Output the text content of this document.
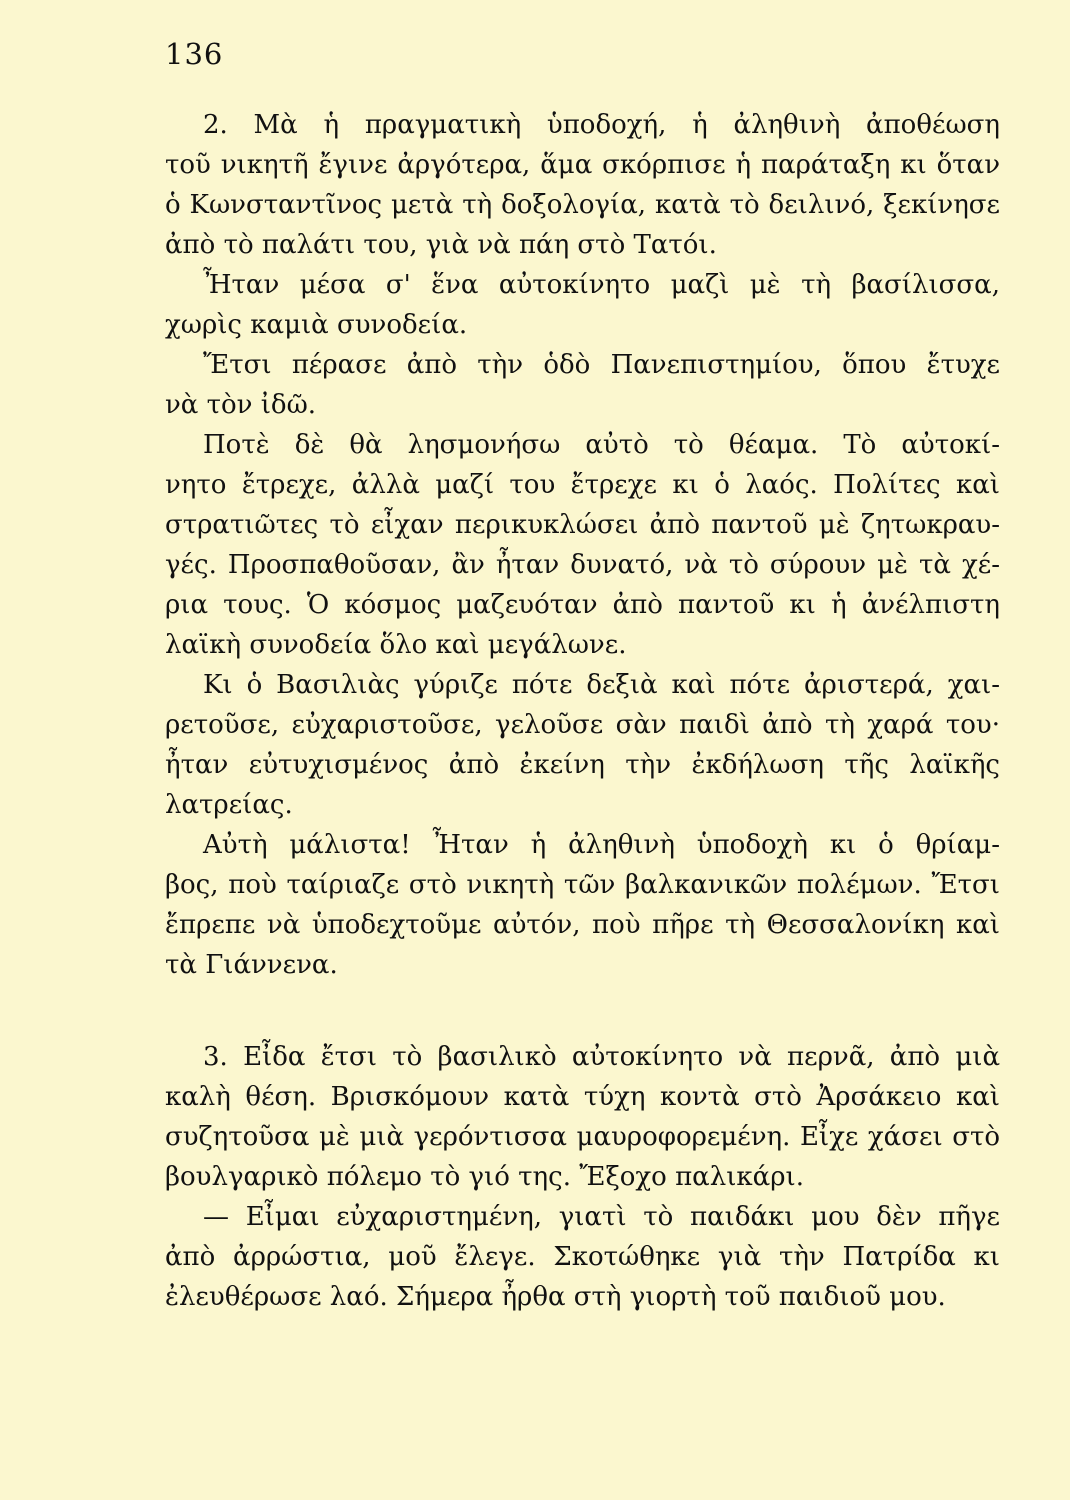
136
2. Μὰ ἡ πραγματικὴ ὑποδοχή, ἡ ἀληθινὴ ἀποθέωση
τοῦ νικητῆ ἔγινε ἀργότερα, ἅμα σκόρπισε ἡ παράταξη κι ὅταν
ὁ Κωνσταντῖνος μετὰ τὴ δοξολογία, κατὰ τὸ δειλινό, ξεκίνησε
ἀπὸ τὸ παλάτι του, γιὰ νὰ πάη στὸ Τατόι.
Ἦταν μέσα σ' ἕνα αὐτοκίνητο μαζὶ μὲ τὴ βασίλισσα,
χωρὶς καμιὰ συνοδεία.
Ἔτσι πέρασε ἀπὸ τὴν ὁδὸ Πανεπιστημίου, ὅπου ἔτυχε
νὰ τὸν ἰδῶ.
Ποτὲ δὲ θὰ λησμονήσω αὐτὸ τὸ θέαμα. Τὸ αὐτοκί-
νητο ἔτρεχε, ἀλλὰ μαζί του ἔτρεχε κι ὁ λαός. Πολίτες καὶ
στρατιῶτες τὸ εἶχαν περικυκλώσει ἀπὸ παντοῦ μὲ ζητωκραυ-
γές. Προσπαθοῦσαν, ἂν ἦταν δυνατό, νὰ τὸ σύρουν μὲ τὰ χέ-
ρια τους. Ὁ κόσμος μαζευόταν ἀπὸ παντοῦ κι ἡ ἀνέλπιστη
λαϊκὴ συνοδεία ὅλο καὶ μεγάλωνε.
Κι ὁ Βασιλιὰς γύριζε πότε δεξιὰ καὶ πότε ἀριστερά, χαι-
ρετοῦσε, εὐχαριστοῦσε, γελοῦσε σὰν παιδὶ ἀπὸ τὴ χαρά του·
ἦταν εὐτυχισμένος ἀπὸ ἐκείνη τὴν ἐκδήλωση τῆς λαϊκῆς
λατρείας.
Αὐτὴ μάλιστα! Ἦταν ἡ ἀληθινὴ ὑποδοχὴ κι ὁ θρίαμ-
βος, ποὺ ταίριαζε στὸ νικητὴ τῶν βαλκανικῶν πολέμων. Ἔτσι
ἔπρεπε νὰ ὑποδεχτοῦμε αὐτόν, ποὺ πῆρε τὴ Θεσσαλονίκη καὶ
τὰ Γιάννενα.
3. Εἶδα ἔτσι τὸ βασιλικὸ αὐτοκίνητο νὰ περνᾶ, ἀπὸ μιὰ
καλὴ θέση. Βρισκόμουν κατὰ τύχη κοντὰ στὸ Ἀρσάκειο καὶ
συζητοῦσα μὲ μιὰ γερόντισσα μαυροφορεμένη. Εἶχε χάσει στὸ
βουλγαρικὸ πόλεμο τὸ γιό της. Ἔξοχο παλικάρι.
— Εἶμαι εὐχαριστημένη, γιατὶ τὸ παιδάκι μου δὲν πῆγε
ἀπὸ ἀρρώστια, μοῦ ἔλεγε. Σκοτώθηκε γιὰ τὴν Πατρίδα κι
ἐλευθέρωσε λαό. Σήμερα ἦρθα στὴ γιορτὴ τοῦ παιδιοῦ μου.
